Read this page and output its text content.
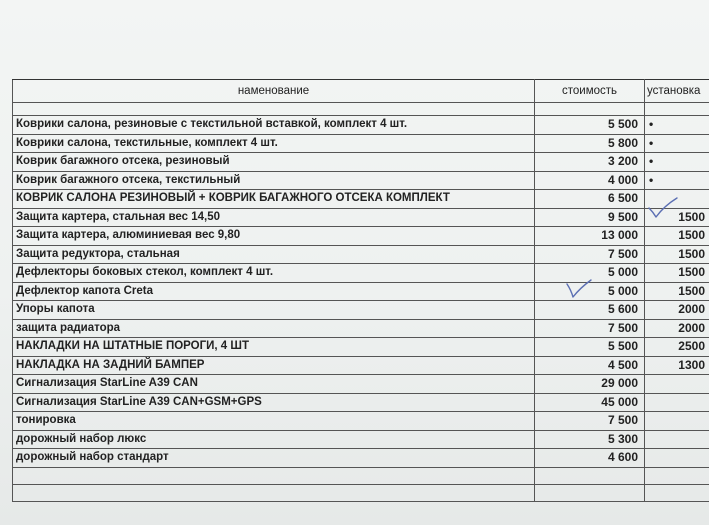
наменование	стоимость	установка

Коврики салона, резиновые с текстильной вставкой, комплект 4 шт.	5 500	•
Коврики салона, текстильные, комплект 4 шт.	5 800	•
Коврик багажного отсека, резиновый	3 200	•
Коврик багажного отсека, текстильный	4 000	•
КОВРИК САЛОНА РЕЗИНОВЫЙ + КОВРИК БАГАЖНОГО ОТСЕКА КОМПЛЕКТ	6 500	
Защита картера, стальная вес 14,50	9 500	1500
Защита картера, алюминиевая вес 9,80	13 000	1500
Защита редуктора, стальная	7 500	1500
Дефлекторы боковых стекол, комплект 4 шт.	5 000	1500
Дефлектор капота Creta	5 000	1500
Упоры капота	5 600	2000
защита радиатора	7 500	2000
НАКЛАДКИ НА ШТАТНЫЕ ПОРОГИ, 4 ШТ	5 500	2500
НАКЛАДКА НА ЗАДНИЙ БАМПЕР	4 500	1300
Сигнализация StarLine A39 CAN	29 000	
Сигнализация StarLine A39 CAN+GSM+GPS	45 000	
тонировка	7 500	
дорожный набор люкс	5 300	
дорожный набор стандарт	4 600	
